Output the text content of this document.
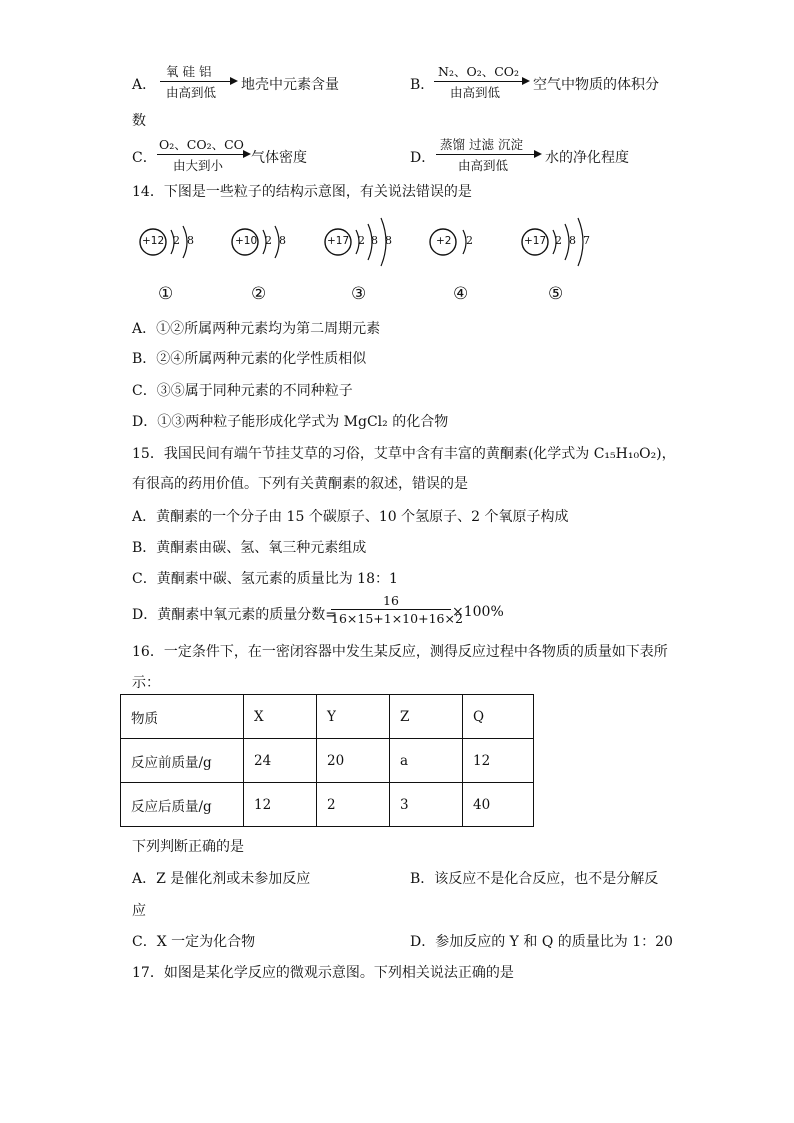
A．
氧 硅 铝
由高到低 地壳中元素含量	B．
N₂、O₂、CO₂
由高到低 空气中物质的体积分
数
C．
O₂、CO₂、CO
由大到小 气体密度	D．
蒸馏 过滤 沉淀
由高到低	水的净化程度
14．下图是一些粒子的结构示意图，有关说法错误的是
+12 2 8
①
+10 2 8
②
+17 2 8 8
③
+2 2
④
+17 2 8 7
⑤
A．①②所属两种元素均为第二周期元素
B．②④所属两种元素的化学性质相似
C．③⑤属于同种元素的不同种粒子
D．①③两种粒子能形成化学式为 MgCl₂ 的化合物
15．我国民间有端午节挂艾草的习俗，艾草中含有丰富的黄酮素(化学式为 C₁₅H₁₀O₂)，
有很高的药用价值。下列有关黄酮素的叙述，错误的是
A．黄酮素的一个分子由 15 个碳原子、10 个氢原子、2 个氧原子构成
B．黄酮素由碳、氢、氧三种元素组成
C．黄酮素中碳、氢元素的质量比为 18：1
D．黄酮素中氧元素的质量分数=
16
16×15+1×10+16×2
×100%
16．一定条件下，在一密闭容器中发生某反应，测得反应过程中各物质的质量如下表所
示：
物质	X	Y	Z	Q
反应前质量/g	24	20	a	12
反应后质量/g	12	2	3	40
下列判断正确的是
A．Z 是催化剂或未参加反应	B．该反应不是化合反应，也不是分解反
应
C．X 一定为化合物	D．参加反应的 Y 和 Q 的质量比为 1：20
17．如图是某化学反应的微观示意图。下列相关说法正确的是
